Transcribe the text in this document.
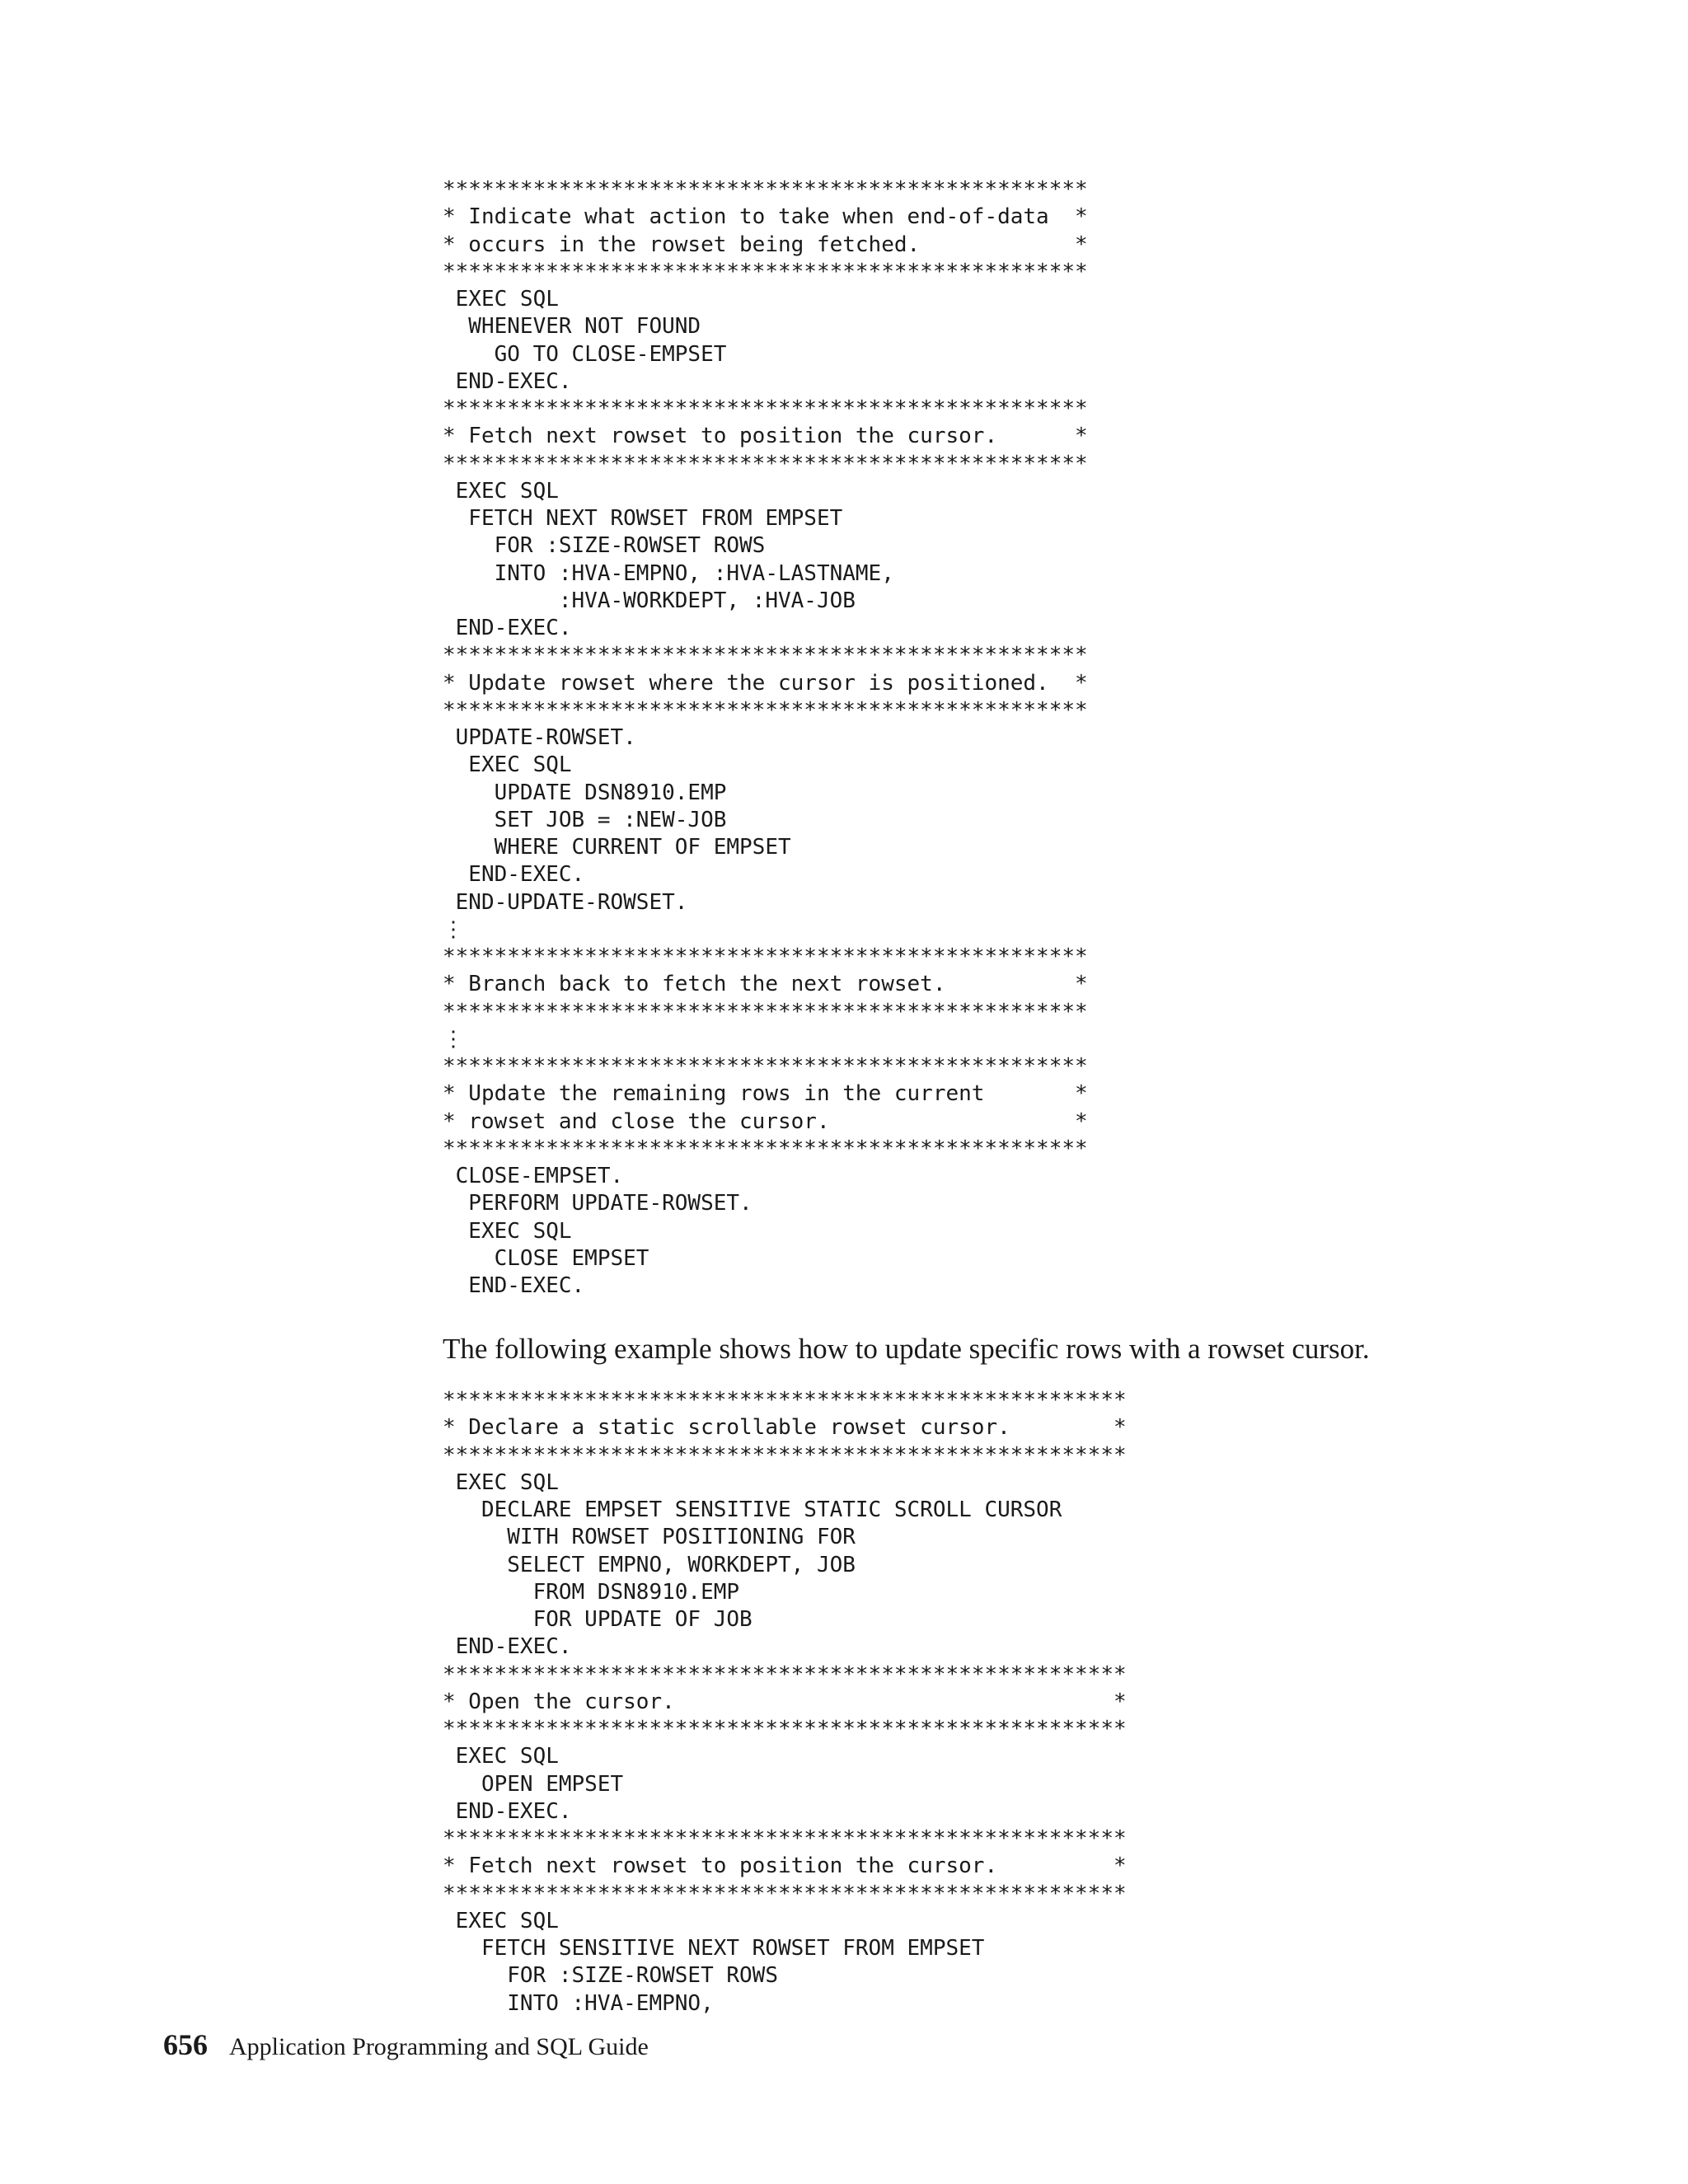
**************************************************
* Indicate what action to take when end-of-data  *
* occurs in the rowset being fetched.            *
**************************************************
EXEC SQL
WHENEVER NOT FOUND
GO TO CLOSE-EMPSET
END-EXEC.
**************************************************
* Fetch next rowset to position the cursor.      *
**************************************************
EXEC SQL
FETCH NEXT ROWSET FROM EMPSET
FOR :SIZE-ROWSET ROWS
INTO :HVA-EMPNO, :HVA-LASTNAME,
:HVA-WORKDEPT, :HVA-JOB
END-EXEC.
**************************************************
* Update rowset where the cursor is positioned.  *
**************************************************
UPDATE-ROWSET.
EXEC SQL
UPDATE DSN8910.EMP
SET JOB = :NEW-JOB
WHERE CURRENT OF EMPSET
END-EXEC.
END-UPDATE-ROWSET.
⋮
**************************************************
* Branch back to fetch the next rowset.          *
**************************************************
⋮
**************************************************
* Update the remaining rows in the current       *
* rowset and close the cursor.                   *
**************************************************
CLOSE-EMPSET.
PERFORM UPDATE-ROWSET.
EXEC SQL
CLOSE EMPSET
END-EXEC.
The following example shows how to update specific rows with a rowset cursor.
*****************************************************
* Declare a static scrollable rowset cursor.        *
*****************************************************
EXEC SQL
DECLARE EMPSET SENSITIVE STATIC SCROLL CURSOR
WITH ROWSET POSITIONING FOR
SELECT EMPNO, WORKDEPT, JOB
FROM DSN8910.EMP
FOR UPDATE OF JOB
END-EXEC.
*****************************************************
* Open the cursor.                                  *
*****************************************************
EXEC SQL
OPEN EMPSET
END-EXEC.
*****************************************************
* Fetch next rowset to position the cursor.         *
*****************************************************
EXEC SQL
FETCH SENSITIVE NEXT ROWSET FROM EMPSET
FOR :SIZE-ROWSET ROWS
INTO :HVA-EMPNO,
656 Application Programming and SQL Guide
